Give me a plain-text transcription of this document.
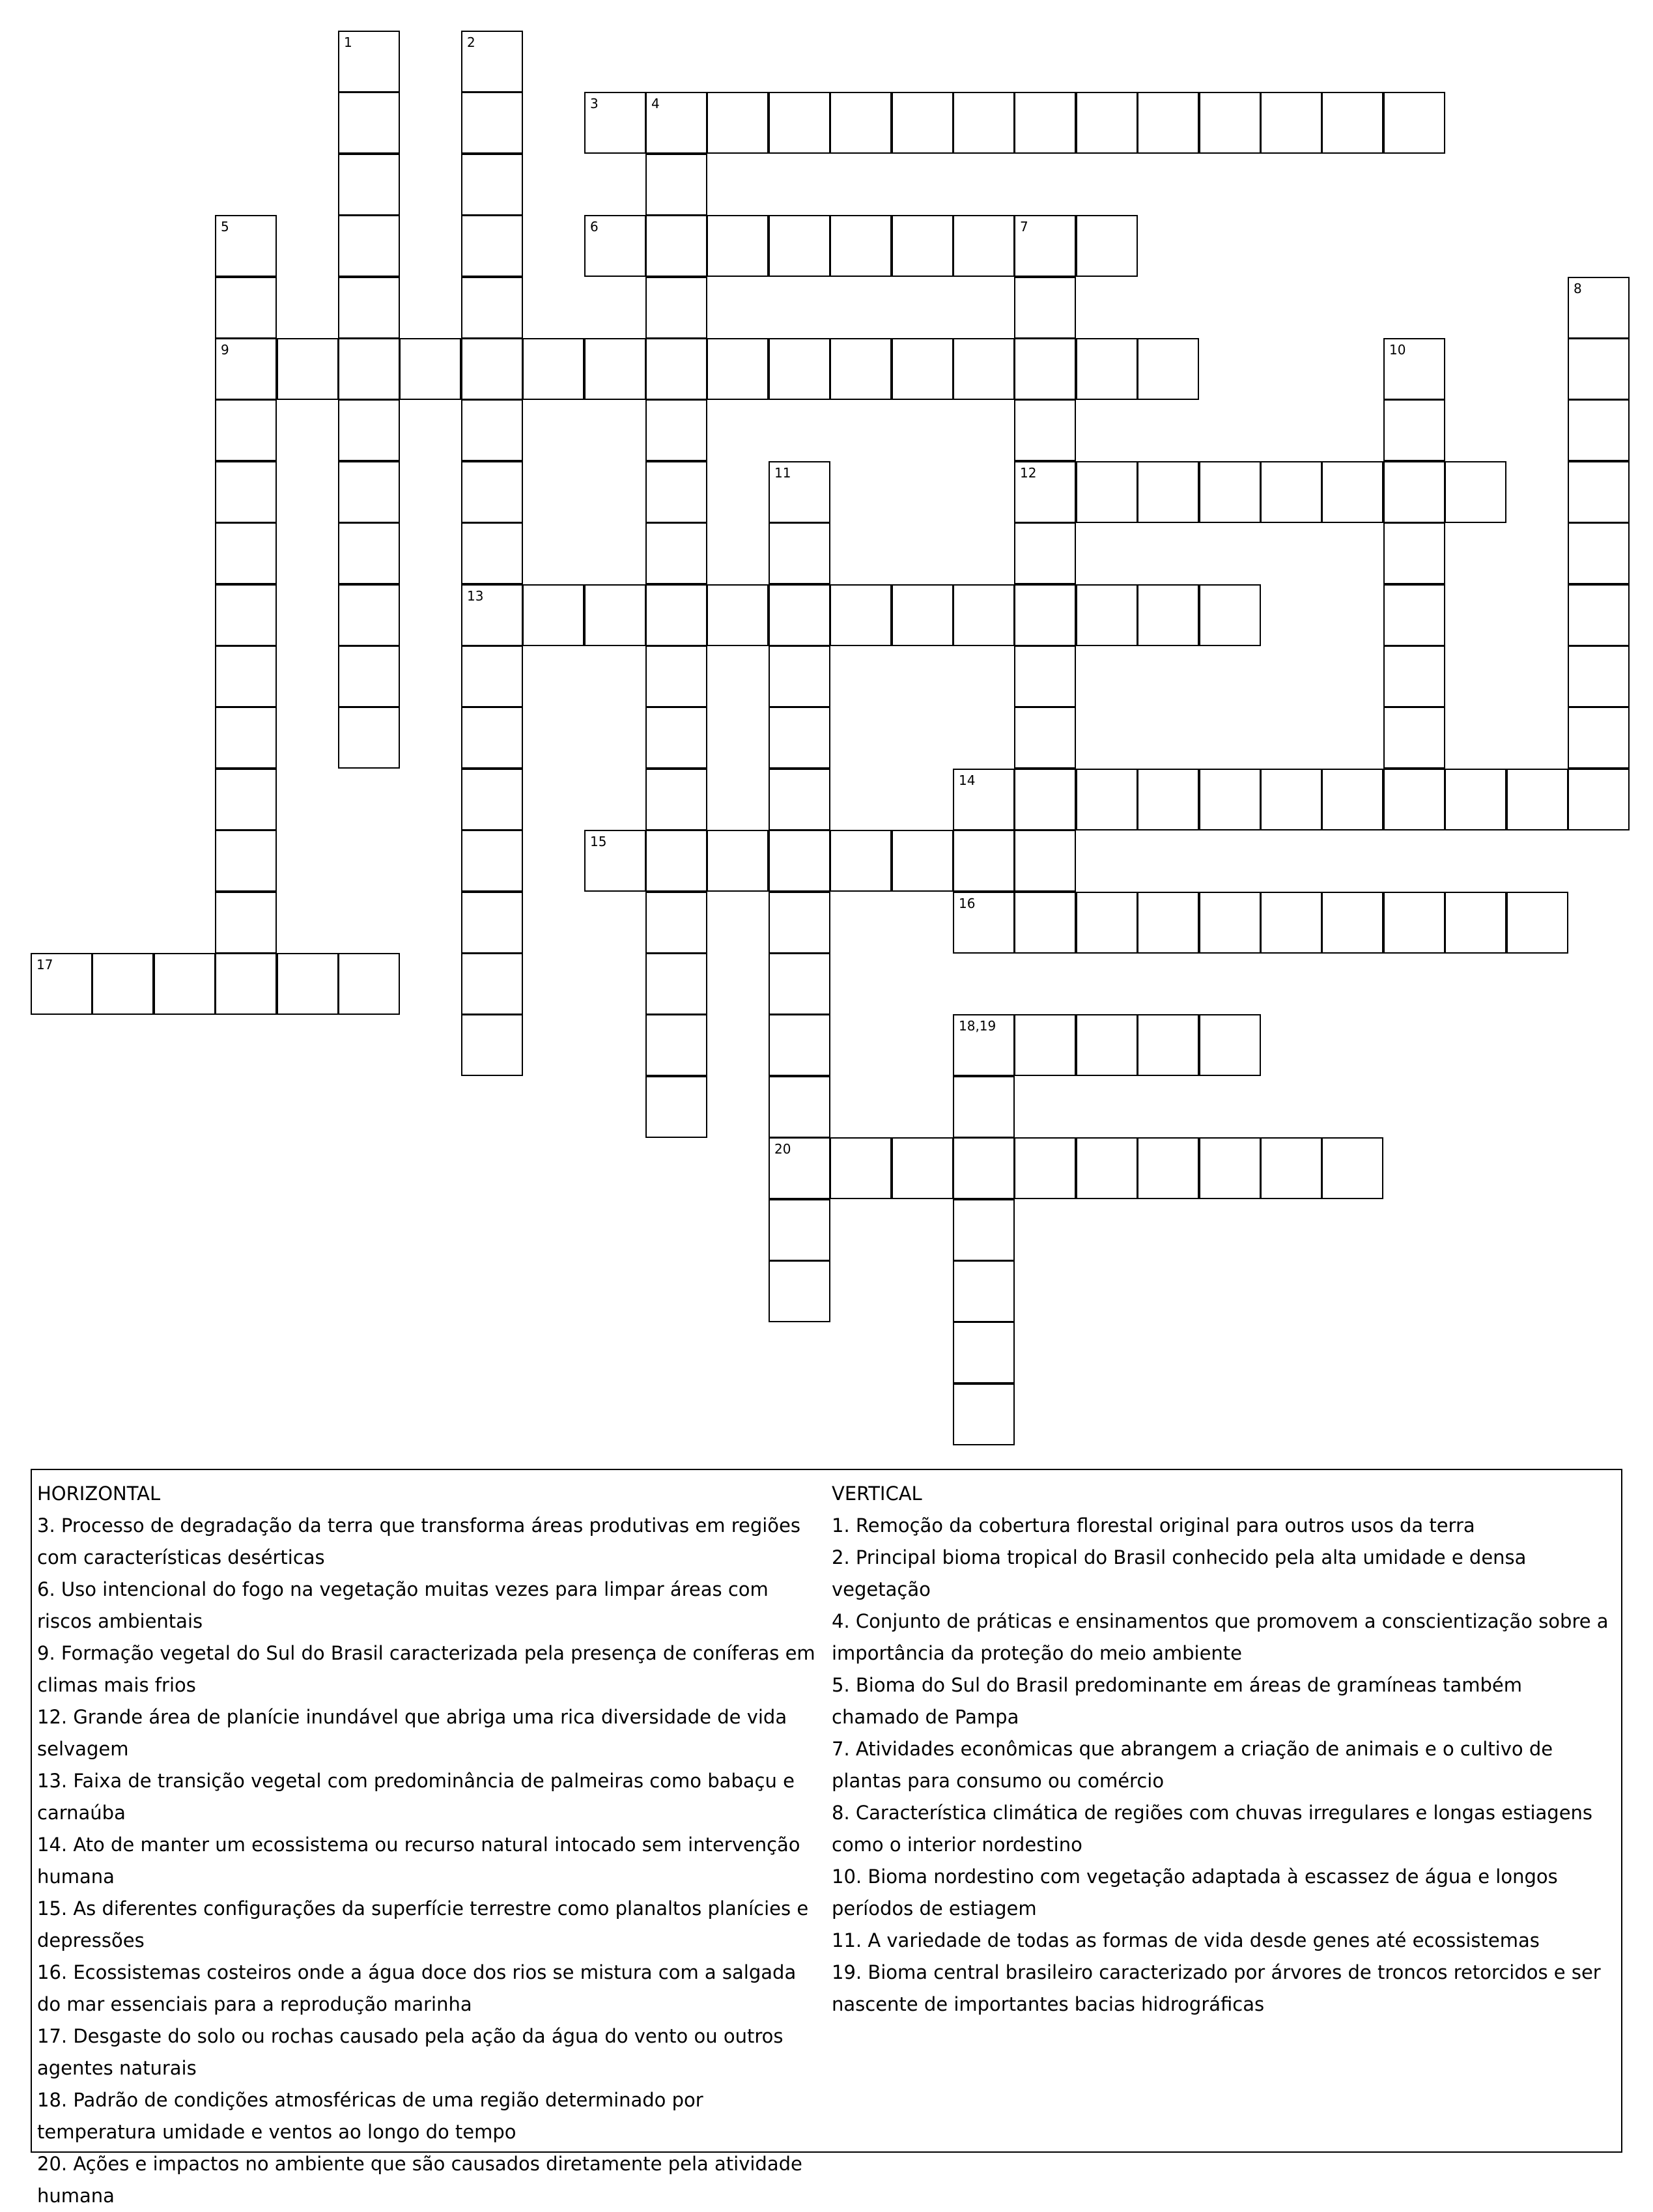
3	4
6	7
9
12
13
14
15
16
17
18,19
20
1	2
5
8
10
11
HORIZONTAL
3. Processo de degradação da terra que transforma áreas produtivas em regiões com características desérticas
6. Uso intencional do fogo na vegetação muitas vezes para limpar áreas com riscos ambientais
9. Formação vegetal do Sul do Brasil caracterizada pela presença de coníferas em climas mais frios
12. Grande área de planície inundável que abriga uma rica diversidade de vida selvagem
13. Faixa de transição vegetal com predominância de palmeiras como babaçu e carnaúba
14. Ato de manter um ecossistema ou recurso natural intocado sem intervenção humana
15. As diferentes configurações da superfície terrestre como planaltos planícies e depressões
16. Ecossistemas costeiros onde a água doce dos rios se mistura com a salgada do mar essenciais para a reprodução marinha
17. Desgaste do solo ou rochas causado pela ação da água do vento ou outros agentes naturais
18. Padrão de condições atmosféricas de uma região determinado por temperatura umidade e ventos ao longo do tempo
20. Ações e impactos no ambiente que são causados diretamente pela atividade humana
VERTICAL
1. Remoção da cobertura florestal original para outros usos da terra
2. Principal bioma tropical do Brasil conhecido pela alta umidade e densa vegetação
4. Conjunto de práticas e ensinamentos que promovem a conscientização sobre a importância da proteção do meio ambiente
5. Bioma do Sul do Brasil predominante em áreas de gramíneas também chamado de Pampa
7. Atividades econômicas que abrangem a criação de animais e o cultivo de plantas para consumo ou comércio
8. Característica climática de regiões com chuvas irregulares e longas estiagens como o interior nordestino
10. Bioma nordestino com vegetação adaptada à escassez de água e longos períodos de estiagem
11. A variedade de todas as formas de vida desde genes até ecossistemas
19. Bioma central brasileiro caracterizado por árvores de troncos retorcidos e ser nascente de importantes bacias hidrográficas
